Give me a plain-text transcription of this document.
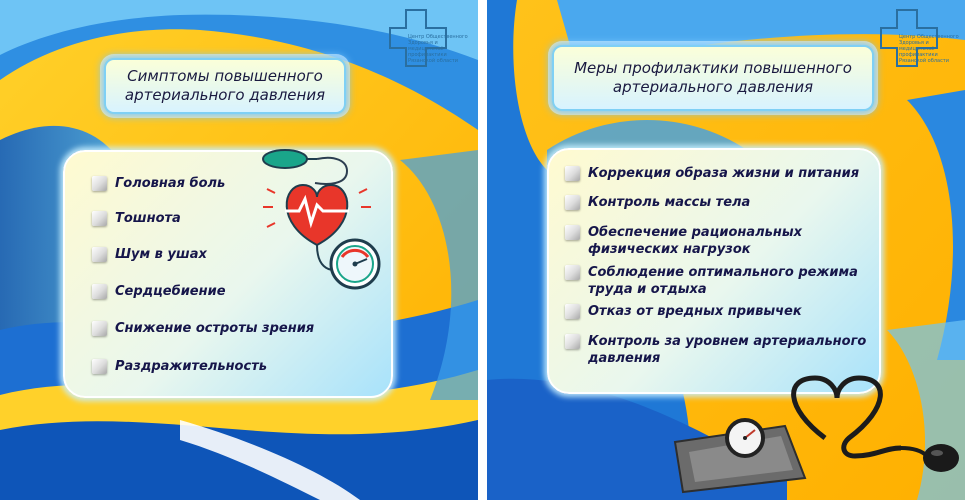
Центр Общественного Здоровья и медицинской профилактики Рязанской области
Симптомы повышенного артериального давления
Головная боль
Тошнота
Шум в ушах
Сердцебиение
Снижение остроты зрения
Раздражительность
Центр Общественного Здоровья и медицинской профилактики Рязанской области
Меры профилактики повышенного артериального давления
Коррекция образа жизни и питания
Контроль массы тела
Обеспечение рациональных физических нагрузок
Соблюдение оптимального режима труда и отдыха
Отказ от вредных привычек
Контроль за уровнем артериального давления
